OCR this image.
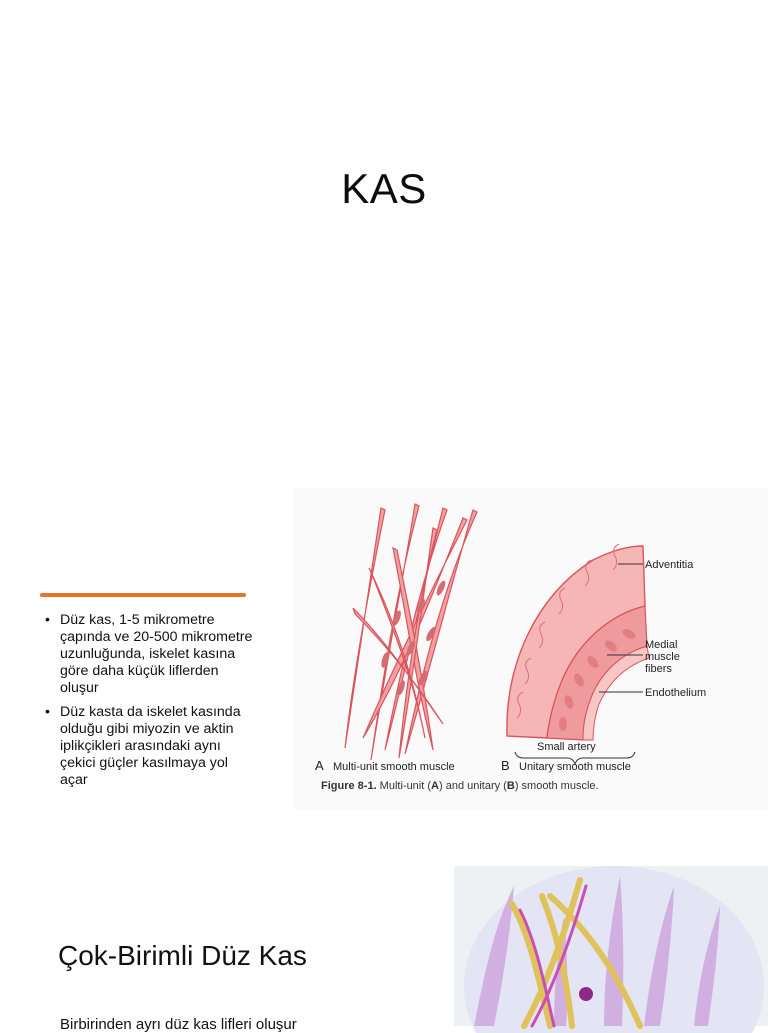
KAS
• Düz kas, 1-5 mikrometre çapında ve 20-500 mikrometre uzunluğunda, iskelet kasına göre daha küçük liflerden oluşur
• Düz kasta da iskelet kasında olduğu gibi miyozin ve aktin iplikçikleri arasındaki aynı çekici güçler kasılmaya yol açar
Adventitia
Medial
muscle
fibers
Endothelium
Small artery
A Multi-unit smooth muscle	B Unitary smooth muscle
Figure 8-1. Multi-unit (A) and unitary (B) smooth muscle.
Çok-Birimli Düz Kas
Birbirinden ayrı düz kas lifleri oluşur
